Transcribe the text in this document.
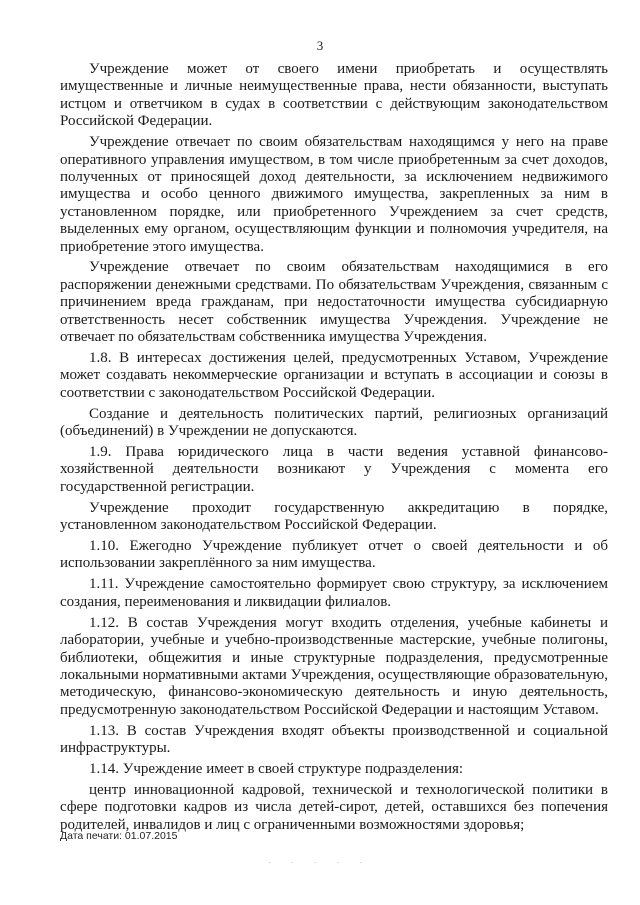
3

Учреждение может от своего имени приобретать и осуществлять имущественные и личные неимущественные права, нести обязанности, выступать истцом и ответчиком в судах в соответствии с действующим законодательством Российской Федерации.

Учреждение отвечает по своим обязательствам находящимся у него на праве оперативного управления имуществом, в том числе приобретенным за счет доходов, полученных от приносящей доход деятельности, за исключением недвижимого имущества и особо ценного движимого имущества, закрепленных за ним в установленном порядке, или приобретенного Учреждением за счет средств, выделенных ему органом, осуществляющим функции и полномочия учредителя, на приобретение этого имущества.

Учреждение отвечает по своим обязательствам находящимися в его распоряжении денежными средствами. По обязательствам Учреждения, связанным с причинением вреда гражданам, при недостаточности имущества субсидиарную ответственность несет собственник имущества Учреждения. Учреждение не отвечает по обязательствам собственника имущества Учреждения.

1.8. В интересах достижения целей, предусмотренных Уставом, Учреждение может создавать некоммерческие организации и вступать в ассоциации и союзы в соответствии с законодательством Российской Федерации.

Создание и деятельность политических партий, религиозных организаций (объединений) в Учреждении не допускаются.

1.9. Права юридического лица в части ведения уставной финансово-хозяйственной деятельности возникают у Учреждения с момента его государственной регистрации.

Учреждение проходит государственную аккредитацию в порядке, установленном законодательством Российской Федерации.

1.10. Ежегодно Учреждение публикует отчет о своей деятельности и об использовании закреплённого за ним имущества.

1.11. Учреждение самостоятельно формирует свою структуру, за исключением создания, переименования и ликвидации филиалов.

1.12. В состав Учреждения могут входить отделения, учебные кабинеты и лаборатории, учебные и учебно-производственные мастерские, учебные полигоны, библиотеки, общежития и иные структурные подразделения, предусмотренные локальными нормативными актами Учреждения, осуществляющие образовательную, методическую, финансово-экономическую деятельность и иную деятельность, предусмотренную законодательством Российской Федерации и настоящим Уставом.

1.13. В состав Учреждения входят объекты производственной и социальной инфраструктуры.

1.14. Учреждение имеет в своей структуре подразделения:

центр инновационной кадровой, технической и технологической политики в сфере подготовки кадров из числа детей-сирот, детей, оставшихся без попечения родителей, инвалидов и лиц с ограниченными возможностями здоровья;

Дата печати: 01.07.2015
· · · · ·
